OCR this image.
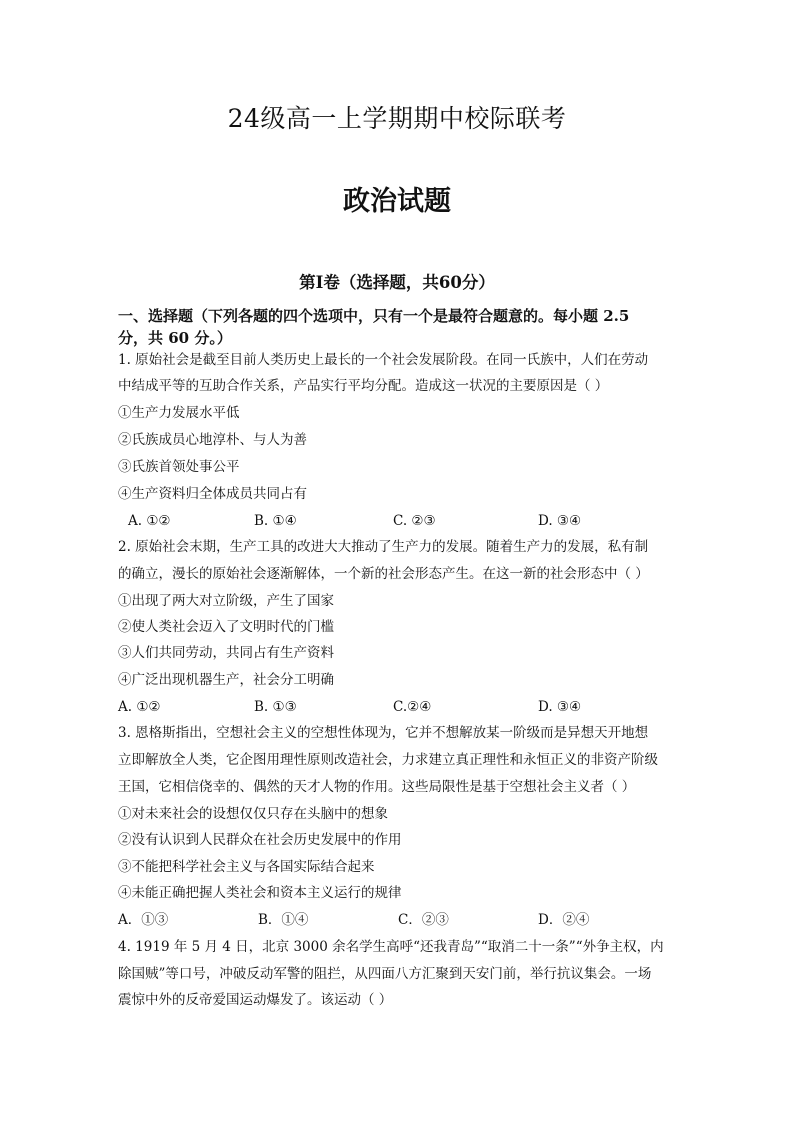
24级高一上学期期中校际联考
政治试题
第Ⅰ卷（选择题，共60分）
一、选择题（下列各题的四个选项中，只有一个是最符合题意的。每小题 2.5
分，共 60 分。）
1. 原始社会是截至目前人类历史上最长的一个社会发展阶段。在同一氏族中，人们在劳动
中结成平等的互助合作关系，产品实行平均分配。造成这一状况的主要原因是（ ）
①生产力发展水平低
②氏族成员心地淳朴、与人为善
③氏族首领处事公平
④生产资料归全体成员共同占有
A. ①②	B. ①④	C. ②③	D. ③④
2. 原始社会末期，生产工具的改进大大推动了生产力的发展。随着生产力的发展，私有制
的确立，漫长的原始社会逐渐解体，一个新的社会形态产生。在这一新的社会形态中（ ）
①出现了两大对立阶级，产生了国家
②使人类社会迈入了文明时代的门槛
③人们共同劳动，共同占有生产资料
④广泛出现机器生产，社会分工明确
A. ①②	B. ①③	C.②④	D. ③④
3. 恩格斯指出，空想社会主义的空想性体现为，它并不想解放某一阶级而是异想天开地想
立即解放全人类，它企图用理性原则改造社会，力求建立真正理性和永恒正义的非资产阶级
王国，它相信侥幸的、偶然的天才人物的作用。这些局限性是基于空想社会主义者（ ）
①对未来社会的设想仅仅只存在头脑中的想象
②没有认识到人民群众在社会历史发展中的作用
③不能把科学社会主义与各国实际结合起来
④未能正确把握人类社会和资本主义运行的规律
A．①③	B．①④	C．②③	D．②④
4. 1919 年 5 月 4 日，北京 3000 余名学生高呼“还我青岛”“取消二十一条”“外争主权，内
除国贼”等口号，冲破反动军警的阻拦，从四面八方汇聚到天安门前，举行抗议集会。一场
震惊中外的反帝爱国运动爆发了。该运动（ ）
